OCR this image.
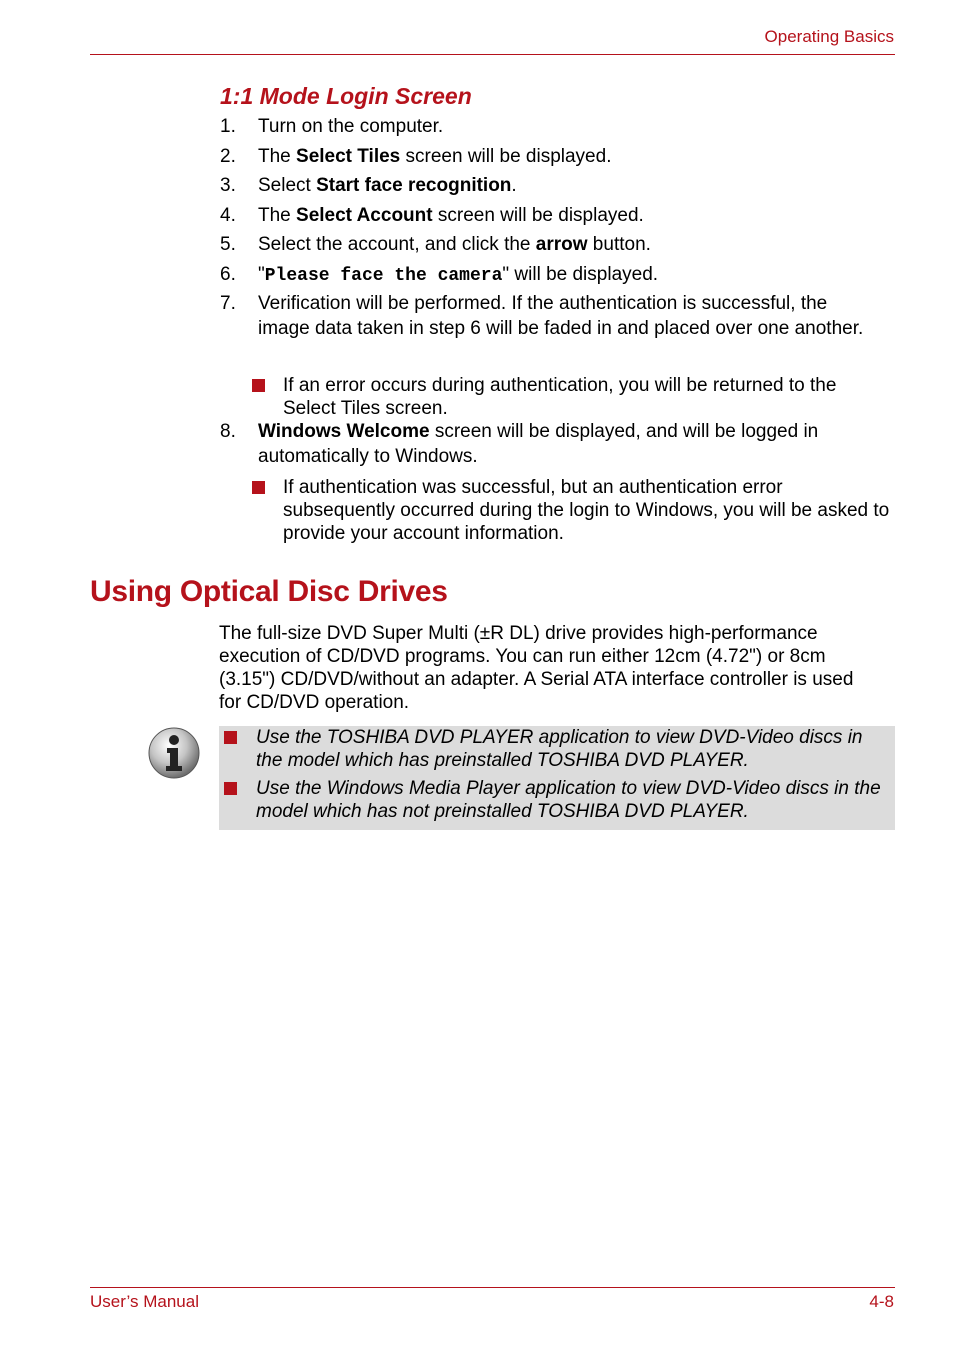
Operating Basics
1:1 Mode Login Screen
1.	Turn on the computer.
2.	The Select Tiles screen will be displayed.
3.	Select Start face recognition.
4.	The Select Account screen will be displayed.
5.	Select the account, and click the arrow button.
6.	"Please face the camera" will be displayed.
7.	Verification will be performed. If the authentication is successful, the image data taken in step 6 will be faded in and placed over one another.
If an error occurs during authentication, you will be returned to the Select Tiles screen.
8.	Windows Welcome screen will be displayed, and will be logged in automatically to Windows.
If authentication was successful, but an authentication error subsequently occurred during the login to Windows, you will be asked to provide your account information.
Using Optical Disc Drives

The full-size DVD Super Multi (±R DL) drive provides high-performance execution of CD/DVD programs. You can run either 12cm (4.72") or 8cm (3.15") CD/DVD/without an adapter. A Serial ATA interface controller is used for CD/DVD operation.

Use the TOSHIBA DVD PLAYER application to view DVD-Video discs in the model which has preinstalled TOSHIBA DVD PLAYER.
Use the Windows Media Player application to view DVD-Video discs in the model which has not preinstalled TOSHIBA DVD PLAYER.
User’s Manual	4-8
